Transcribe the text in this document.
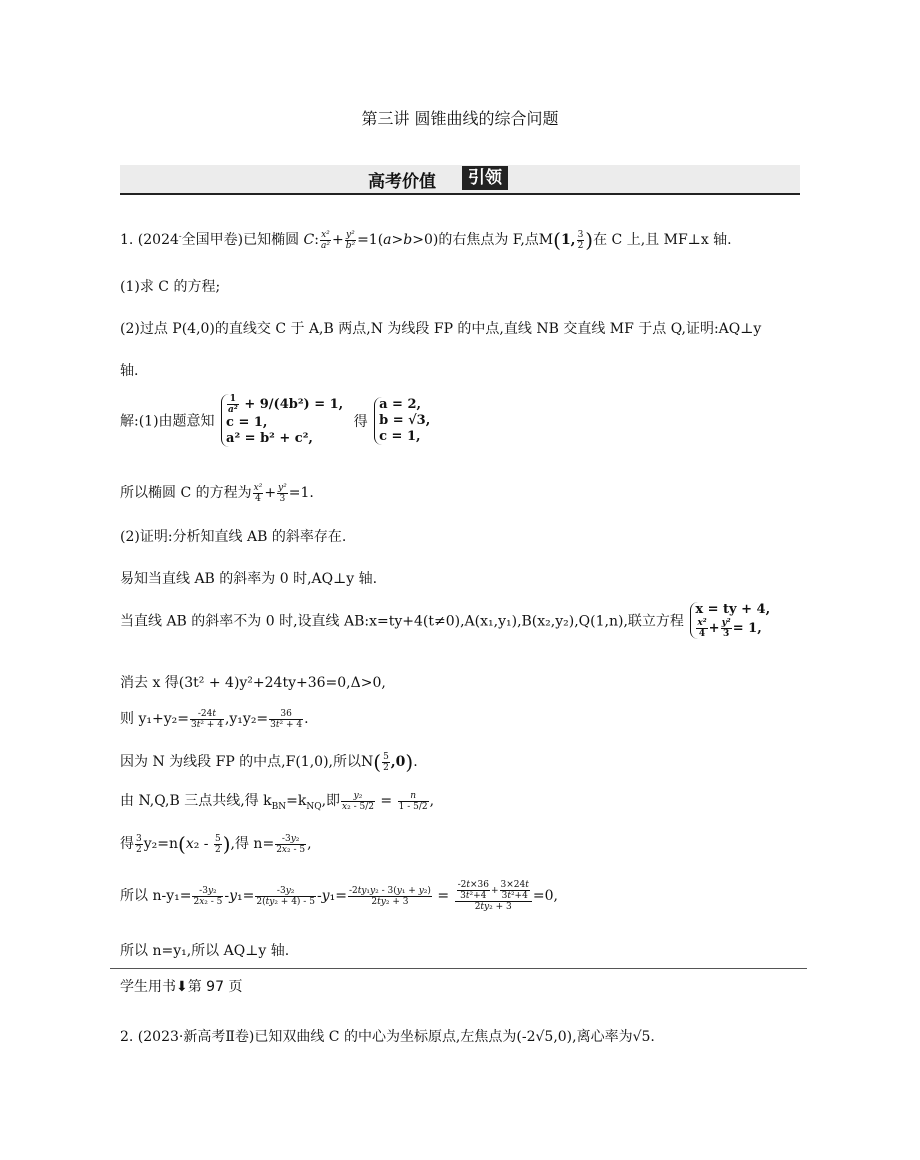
第三讲 圆锥曲线的综合问题
高考价值	引领
1. (2024-全国甲卷)已知椭圆 C: $\frac{\text{x²}}{\text{a²}} + \frac{\text{y²}}{\text{b²}} =1(a>b>0)$的右焦点为 F,点M(1, $\frac{3}{2}$ )在 C 上,且 MF⊥x 轴.
(1)求 C 的方程;
(2)过点 P(4,0)的直线交 C 于 A,B 两点,N 为线段 FP 的中点,直线 NB 交直线 MF 于点 Q,证明:AQ⊥y
轴.
解:(1)由题意知
$\frac{1}{\text{a²}} + 9/(4b^2) = 1$,
c = 1,
a² = b² + c²,
得
a = 2,
b = √3,
c = 1,
所以椭圆 C 的方程为 $\frac{\text{x²}}{4} + \frac{\text{y²}}{3} =1$.
(2)证明:分析知直线 AB 的斜率存在.
易知当直线 AB 的斜率为 0 时,AQ⊥y 轴.
当直线 AB 的斜率不为 0 时,设直线 AB:x=ty+4(t≠0),A(x₁,y₁),B(x₂,y₂),Q(1,n),联立方程
x = ty + 4,
$\frac{\text{x²}}{4} + \frac{\text{y²}}{3} = 1$,
消去 x 得(3t² + 4)y²+24ty+36=0,Δ>0,
则 $y_1+y_2= \frac{-24t}{\text{3t² + 4}} ,y_1y_2= \frac{36}{\text{3t² + 4}}$ .
因为 N 为线段 FP 的中点,F(1,0),所以$N( \frac{5}{2} ,0)$.
由 N,Q,B 三点共线,得 $k_{BN}=k_{NQ}$,即 $\frac{\text{y₂}}{\text{x₂ - 5/2}} = \frac{n}{1 - 5/2}$ ,
得 $\frac{3}{2} y_2=n(x_2 - \frac{5}{2}$ ),得 $n= \frac{\text{-3y₂}}{\text{2x₂ - 5}}$ ,
所以 $n-y_1= \frac{\text{-3y₂}}{\text{2x₂ - 5}} -y_1= \frac{\text{-3y₂}}{\text{2(ty₂ + 4) - 5}} -y_1= \frac{\text{-2ty₁y₂ - 3(y₁ + y₂)}}{\text{2ty₂ + 3}} = \frac{\frac{-2t\times 36}{\text{3t²+4}} + \frac{3\times 24t}{\text{3t²+4}}}{\text{2ty₂ + 3}} =0$,
所以 n=y₁,所以 AQ⊥y 轴.
学生用书⬇第 97 页
2. (2023·新高考Ⅱ卷)已知双曲线 C 的中心为坐标原点,左焦点为(-2√5,0),离心率为√5.
